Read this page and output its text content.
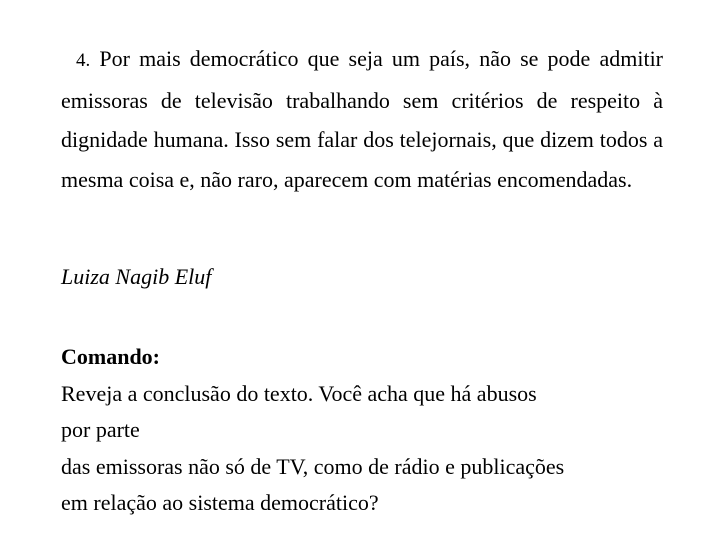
4. Por mais democrático que seja um país, não se pode admitir emissoras de televisão trabalhando sem critérios de respeito à dignidade humana. Isso sem falar dos telejornais, que dizem todos a mesma coisa e, não raro, aparecem com matérias encomendadas.

Luiza Nagib Eluf

Comando:
Reveja a conclusão do texto. Você acha que há abusos
por parte
das emissoras não só de TV, como de rádio e publicações
em relação ao sistema democrático?
